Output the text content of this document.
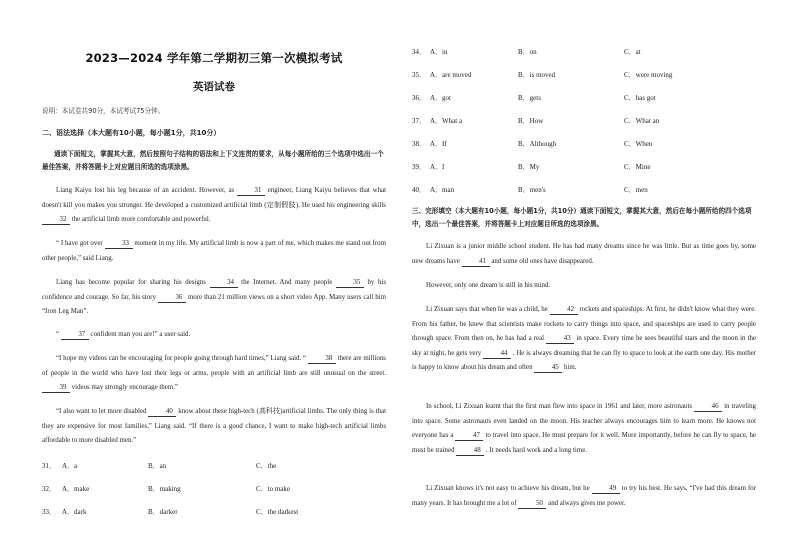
2023—2024 学年第二学期初三第一次模拟考试
英语试卷
说明：本试卷共90分，本试考试75分钟。
二、语法选择（本大题有10小题，每小题1分，共10分）
通读下面短文，掌握其大意，然后按照句子结构的语法和上下文连贯的要求，从每小题所给的三个选项中选出一个最佳答案，并将答题卡上对应题目所选的选项涂黑。
Liang Kaiyu lost his leg because of an accident. However, as	31 engineer, Liang Kaiyu believes that what doesn't kill you makes you stronger. He developed a customized artificial limb (定制假肢). He used his engineering skills 32 the artificial limb more comfortable and powerful.
“ I have got over	33 moment in my life. My artificial limb is now a part of me, which makes me stand out from other people,” said Liang.
Liang has become popular for sharing his designs	34 the Internet. And many people	35 by his confidence and courage. So far, his story	36 more than 21 million views on a short video App. Many users call him “Iron Leg Man”.
“	37 confident man you are!” a user said.
“I hope my videos can be encouraging for people going through hard times,” Liang said. “	38 there are millions of people in the world who have lost their legs or arms, people with an artificial limb are still unusual on the street. 39 videos may strongly encourage them.”
“I also want to let more disabled	40 know about these high-tech (高科技)artificial limbs. The only thing is that they are expensive for most families,” Liang said. “If there is a good chance, I want to make high-tech artificial limbs affordable to more disabled men.”
31． A．a	B．an	C．the
32． A．make	B．making	C．to make
33． A．dark	B．darker	C．the darkest
34． A．in	B．on	C．at
35． A．are moved	B．is moved	C．were moving
36． A．got	B．gets	C．has got
37． A．What a	B．How	C．What an
38． A．If	B．Although	C．When
39． A．I	B．My	C．Mine
40． A．man	B．men's	C．men
三、完形填空（本大题有10小题，每小题1分，共10分）通读下面短文，掌握其大意，然后在每小题所给的四个选项中，选出一个最佳答案，并将答题卡上对应题目所选的选项涂黑。
Li Zixuan is a junior middle school student. He has had many dreams since he was little. But as time goes by, some new dreams have	41 and some old ones have disappeared.
However, only one dream is still in his mind.
Li Zixuan says that when he was a child, he	42 rockets and spaceships. At first, he didn't know what they were. From his father, he knew that scientists make rockets to carry things into space, and spaceships are used to carry people through space. From then on, he has had a real	43 in space. Every time he sees beautiful stars and the moon in the sky at night, he gets very	44 . He is always dreaming that he can fly to space to look at the earth one day. His mother is happy to know about his dream and often	45 him.
In school, Li Zixuan learnt that the first man flew into space in 1961 and later, more astronauts	46 in traveling into space. Some astronauts even landed on the moon. His teacher always encourages him to learn more. He knows not everyone has a	47 to travel into space. He must prepare for it well. More importantly, before he can fly to space, he must be trained	48 . It needs hard work and a long time.
Li Zixuan knows it's not easy to achieve his dream, but he	49 to try his best. He says, “I've had this dream for many years. It has brought me a lot of	50 and always gives me power.
